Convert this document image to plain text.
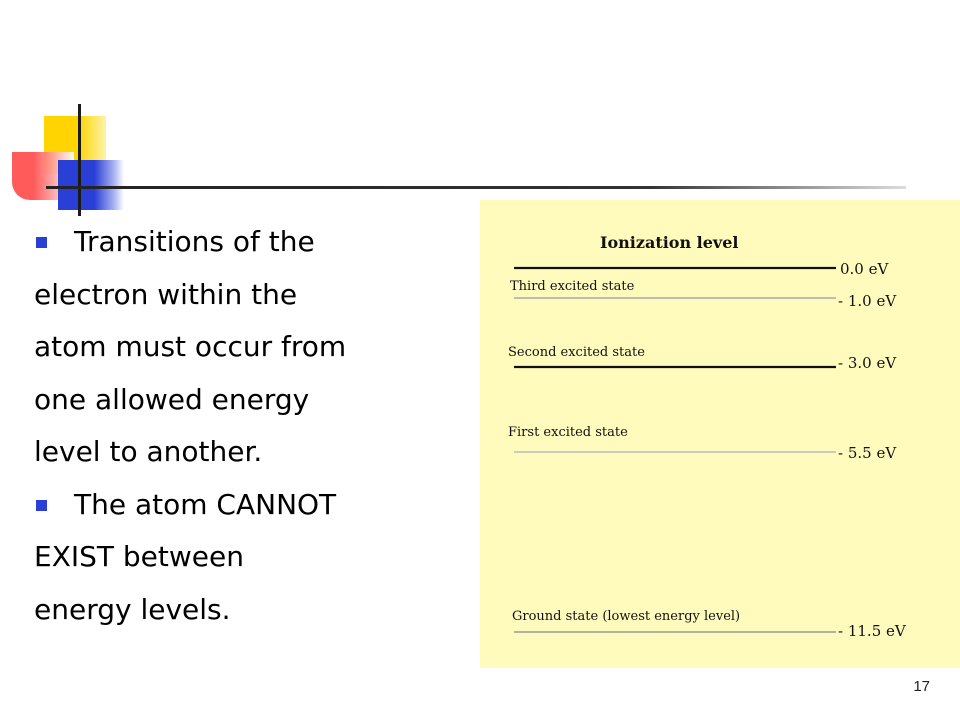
Transitions of the
electron within the
atom must occur from
one allowed energy
level to another.
The atom CANNOT
EXIST between
energy levels.
Ionization level
0.0 eV
Third excited state
- 1.0 eV
Second excited state
- 3.0 eV
First excited state
- 5.5 eV
Ground state (lowest energy level)
- 11.5 eV
17
